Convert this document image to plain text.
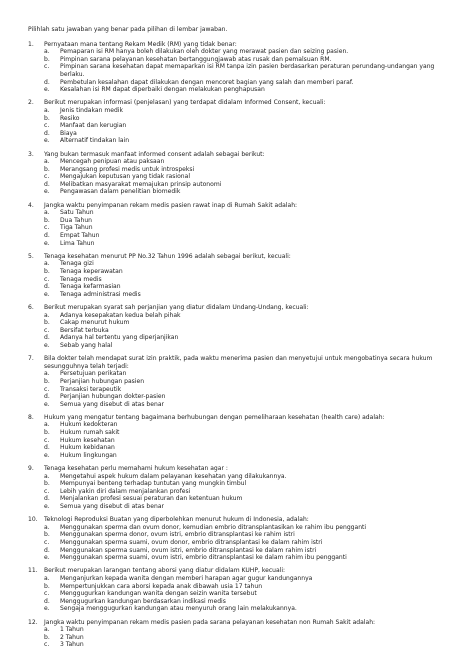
Pilihlah satu jawaban yang benar pada pilihan di lembar jawaban.
1.	Pernyataan mana tentang Rekam Medik (RM) yang tidak benar:
a.	Pemaparan isi RM hanya boleh dilakukan oleh dokter yang merawat pasien dan seizing pasien.
b.	Pimpinan sarana pelayanan kesehatan bertanggungjawab atas rusak dan pemalsuan RM.
c.	Pimpinan sarana kesehatan dapat memaparkan isi RM tanpa izin pasien berdasarkan peraturan perundang-undangan yang berlaku.
d.	Pembetulan kesalahan dapat dilakukan dengan mencoret bagian yang salah dan memberi paraf.
e.	Kesalahan isi RM dapat diperbaiki dengan melakukan penghapusan
2.	Berikut merupakan informasi (penjelasan) yang terdapat didalam Informed Consent, kecuali:
a.	Jenis tindakan medik
b.	Resiko
c.	Manfaat dan kerugian
d.	Biaya
e.	Alternatif tindakan lain
3.	Yang bukan termasuk manfaat informed consent adalah sebagai berikut:
a.	Mencegah penipuan atau paksaan
b.	Merangsang profesi medis untuk introspeksi
c.	Mengajukan keputusan yang tidak rasional
d.	Melibatkan masyarakat memajukan prinsip autonomi
e.	Pengawasan dalam penelitian biomedik
4.	Jangka waktu penyimpanan rekam medis pasien rawat inap di Rumah Sakit adalah:
a.	Satu Tahun
b.	Dua Tahun
c.	Tiga Tahun
d.	Empat Tahun
e.	Lima Tahun
5.	Tenaga kesehatan menurut PP No.32 Tahun 1996 adalah sebagai berikut, kecuali:
a.	Tenaga gizi
b.	Tenaga keperawatan
c.	Tenaga medis
d.	Tenaga kefarmasian
e.	Tenaga administrasi medis
6.	Berikut merupakan syarat sah perjanjian yang diatur didalam Undang-Undang, kecuali:
a.	Adanya kesepakatan kedua belah pihak
b.	Cakap menurut hukum
c.	Bersifat terbuka
d.	Adanya hal tertentu yang diperjanjikan
e.	Sebab yang halal
7.	Bila dokter telah mendapat surat izin praktik, pada waktu menerima pasien dan menyetujui untuk mengobatinya secara hukum sesungguhnya telah terjadi:
a.	Persetujuan perikatan
b.	Perjanjian hubungan pasien
c.	Transaksi terapeutik
d.	Perjanjian hubungan dokter-pasien
e.	Semua yang disebut di atas benar
8.	Hukum yang mengatur tentang bagaimana berhubungan dengan pemeliharaan kesehatan (health care) adalah:
a.	Hukum kedokteran
b.	Hukum rumah sakit
c.	Hukum kesehatan
d.	Hukum kebidanan
e.	Hukum lingkungan
9.	Tenaga kesehatan perlu memahami hukum kesehatan agar :
a.	Mengetahui aspek hukum dalam pelayanan kesehatan yang dilakukannya.
b.	Mempunyai benteng terhadap tuntutan yang mungkin timbul
c.	Lebih yakin diri dalam menjalankan profesi
d.	Menjalankan profesi sesuai peraturan dan ketentuan hukum
e.	Semua yang disebut di atas benar
10.	Teknologi Reproduksi Buatan yang diperbolehkan menurut hukum di Indonesia, adalah:
a.	Menggunakan sperma dan ovum donor, kemudian embrio ditransplantasikan ke rahim ibu pengganti
b.	Menggunakan sperma donor, ovum istri, embrio ditransplantasi ke rahim istri
c.	Menggunakan sperma suami, ovum donor, embrio ditransplantasi ke dalam rahim istri
d.	Menggunakan sperma suami, ovum istri, embrio ditransplantasi ke dalam rahim istri
e.	Menggunakan sperma suami, ovum istri, embrio ditransplantasi ke dalam rahim ibu pengganti
11.	Berikut merupakan larangan tentang aborsi yang diatur didalam KUHP, kecuali:
a.	Menganjurkan kepada wanita dengan memberi harapan agar gugur kandungannya
b.	Mempertunjukkan cara aborsi kepada anak dibawah usia 17 tahun
c.	Menggugurkan kandungan wanita dengan seizin wanita tersebut
d.	Menggugurkan kandungan berdasarkan indikasi medis
e.	Sengaja menggugurkan kandungan atau menyuruh orang lain melakukannya.
12.	Jangka waktu penyimpanan rekam medis pasien pada sarana pelayanan kesehatan non Rumah Sakit adalah:
a.	1 Tahun
b.	2 Tahun
c.	3 Tahun
